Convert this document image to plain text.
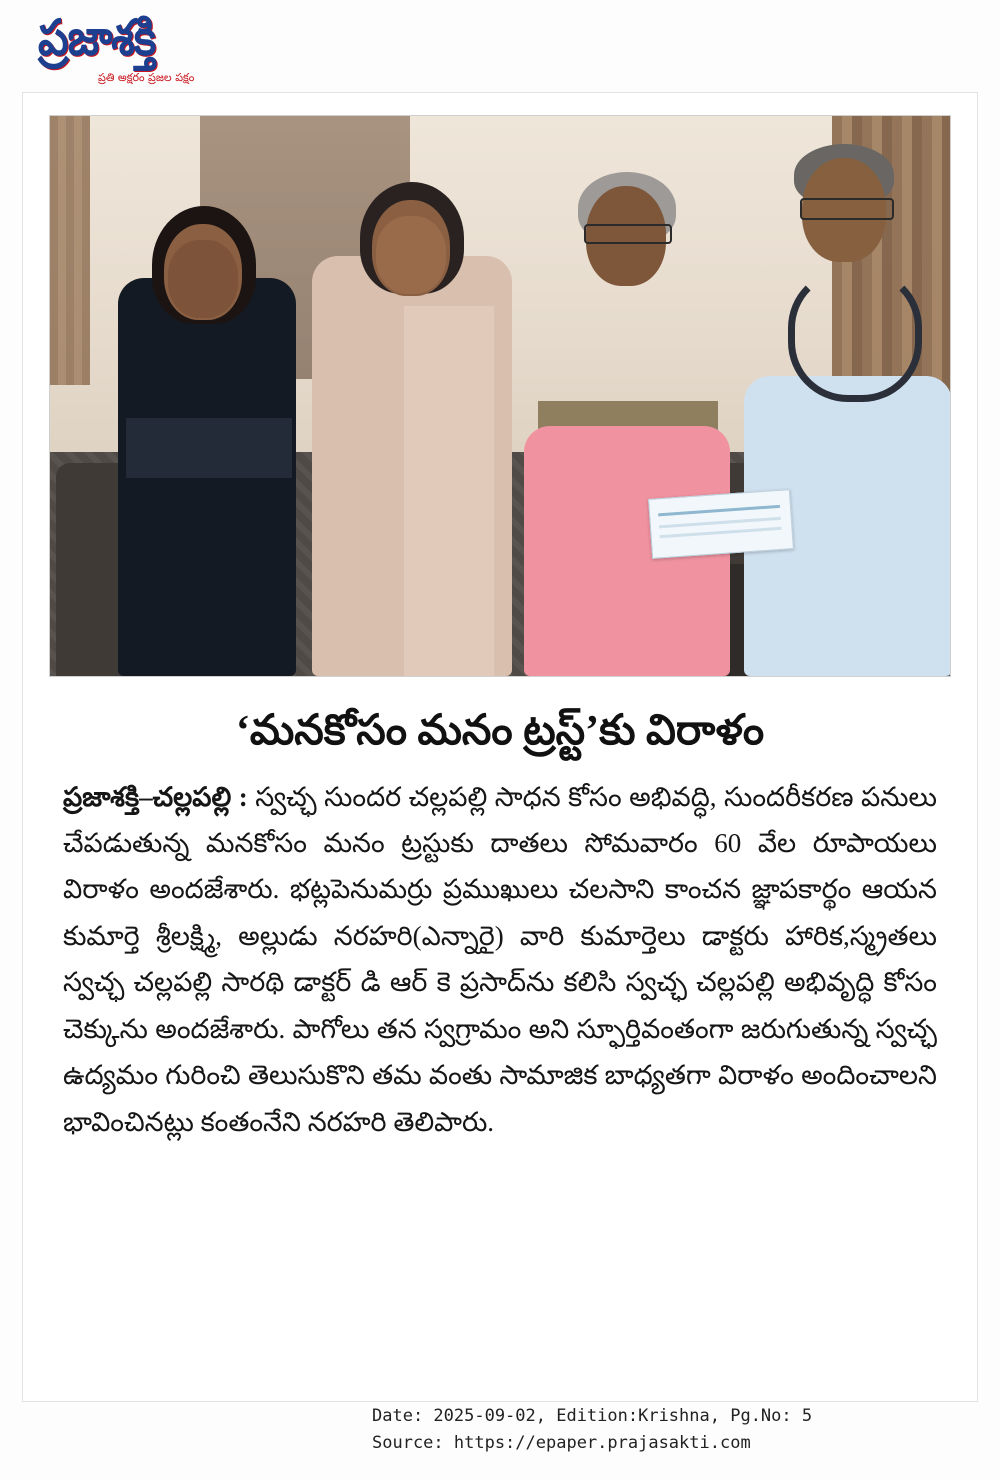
ప్రజాశక్తి
ప్రతి అక్షరం ప్రజల పక్షం
‘మనకోసం మనం ట్రస్ట్‌’కు విరాళం

ప్రజాశక్తి–చల్లపల్లి : స్వచ్ఛ సుందర చల్లపల్లి సాధన కోసం అభివద్ధి, సుందరీకరణ పనులు చేపడుతున్న మనకోసం మనం ట్రస్టుకు దాతలు సోమవారం 60 వేల రూపాయలు విరాళం అందజేశారు. భట్లపెనుమర్రు ప్రముఖులు చలసాని కాంచన జ్ఞాపకార్థం ఆయన కుమార్తె శ్రీలక్ష్మి, అల్లుడు నరహరి(ఎన్నారై) వారి కుమార్తెలు డాక్టరు హారిక,స్మ్రతలు స్వచ్ఛ చల్లపల్లి సారథి డాక్టర్ డి ఆర్ కె ప్రసాద్‌ను కలిసి స్వచ్ఛ చల్లపల్లి అభివృద్ధి కోసం చెక్కును అందజేశారు. పాగోలు తన స్వగ్రామం అని స్ఫూర్తివంతంగా జరుగుతున్న స్వచ్ఛ ఉద్యమం గురించి తెలుసుకొని తమ వంతు సామాజిక బాధ్యతగా విరాళం అందించాలని భావించినట్లు కంతంనేని నరహరి తెలిపారు.

Date: 2025-09-02, Edition:Krishna, Pg.No: 5
Source: https://epaper.prajasakti.com
